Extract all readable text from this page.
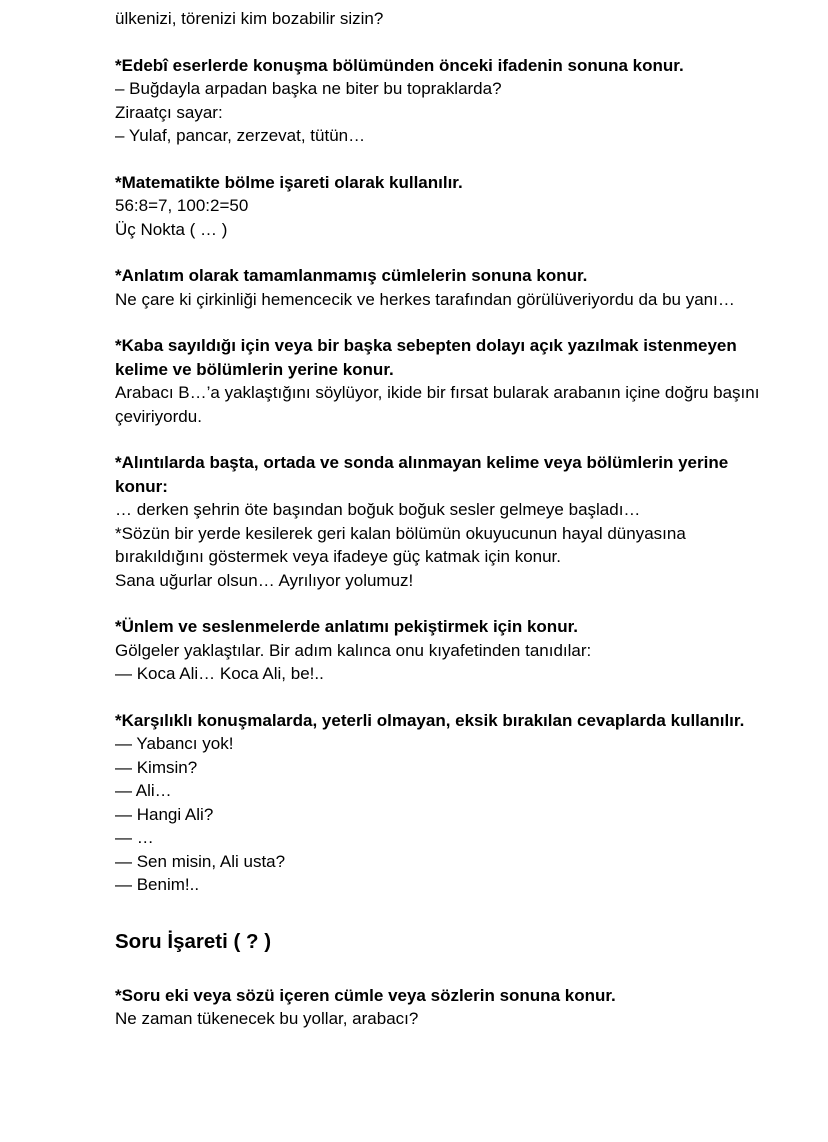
ülkenizi, törenizi kim bozabilir sizin?

*Edebî eserlerde konuşma bölümünden önceki ifadenin sonuna konur.

– Buğdayla arpadan başka ne biter bu topraklarda?

Ziraatçı sayar:

– Yulaf, pancar, zerzevat, tütün…

*Matematikte bölme işareti olarak kullanılır.

56:8=7, 100:2=50

Üç Nokta ( … )

*Anlatım olarak tamamlanmamış cümlelerin sonuna konur.

Ne çare ki çirkinliği hemencecik ve herkes tarafından görülüveriyordu da bu yanı…

*Kaba sayıldığı için veya bir başka sebepten dolayı açık yazılmak istenmeyen kelime ve bölümlerin yerine konur.

Arabacı B…’a yaklaştığını söylüyor, ikide bir fırsat bularak arabanın içine doğru başını çeviriyordu.

*Alıntılarda başta, ortada ve sonda alınmayan kelime veya bölümlerin yerine konur:

… derken şehrin öte başından boğuk boğuk sesler gelmeye başladı…

*Sözün bir yerde kesilerek geri kalan bölümün okuyucunun hayal dünyasına bırakıldığını göstermek veya ifadeye güç katmak için konur.

Sana uğurlar olsun… Ayrılıyor yolumuz!

*Ünlem ve seslenmelerde anlatımı pekiştirmek için konur.

Gölgeler yaklaştılar. Bir adım kalınca onu kıyafetinden tanıdılar:

— Koca Ali… Koca Ali, be!..

*Karşılıklı konuşmalarda, yeterli olmayan, eksik bırakılan cevaplarda kullanılır.

— Yabancı yok!

— Kimsin?

— Ali…

— Hangi Ali?

— …

— Sen misin, Ali usta?

— Benim!..

Soru İşareti ( ? )

*Soru eki veya sözü içeren cümle veya sözlerin sonuna konur.

Ne zaman tükenecek bu yollar, arabacı?
